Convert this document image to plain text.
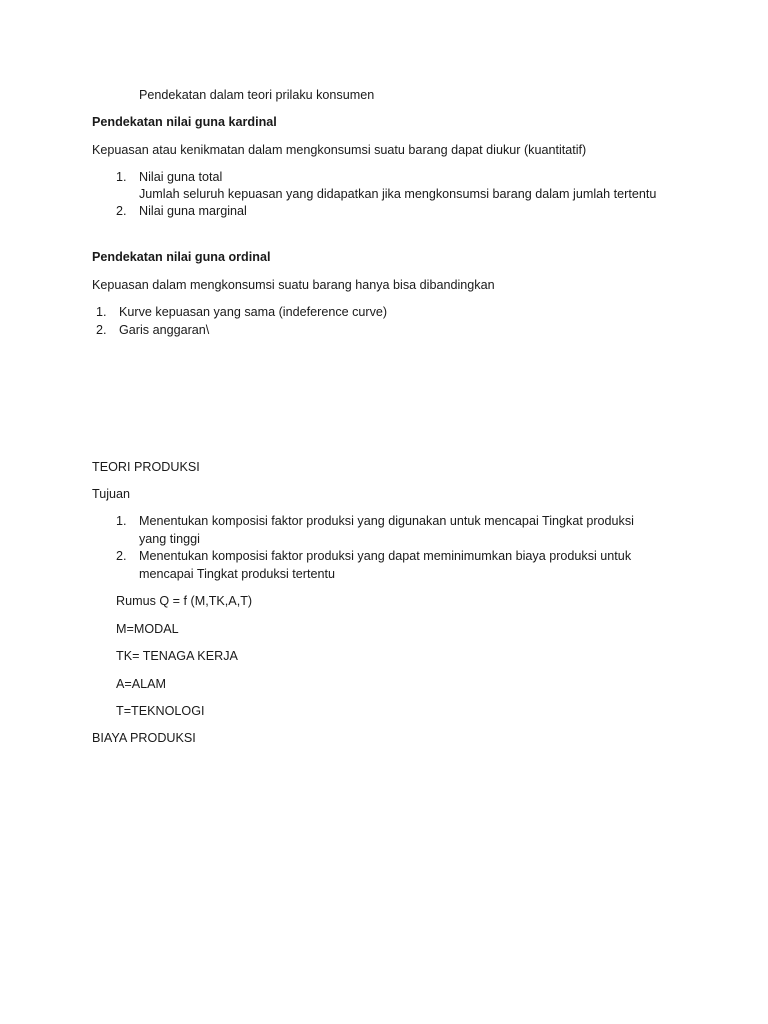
Pendekatan dalam teori prilaku konsumen
Pendekatan nilai guna kardinal
Kepuasan atau kenikmatan dalam mengkonsumsi suatu barang dapat diukur (kuantitatif)
1. Nilai guna total
Jumlah seluruh kepuasan yang didapatkan jika mengkonsumsi barang dalam jumlah tertentu
2. Nilai guna marginal
Pendekatan nilai guna ordinal
Kepuasan dalam mengkonsumsi suatu barang hanya bisa dibandingkan
1. Kurve kepuasan yang sama (indeference curve)
2. Garis anggaran\
TEORI PRODUKSI
Tujuan
1. Menentukan komposisi faktor produksi yang digunakan untuk mencapai Tingkat produksi
yang tinggi
2. Menentukan komposisi faktor produksi yang dapat meminimumkan biaya produksi untuk
mencapai Tingkat produksi tertentu
Rumus Q = f (M,TK,A,T)
M=MODAL
TK= TENAGA KERJA
A=ALAM
T=TEKNOLOGI
BIAYA PRODUKSI
